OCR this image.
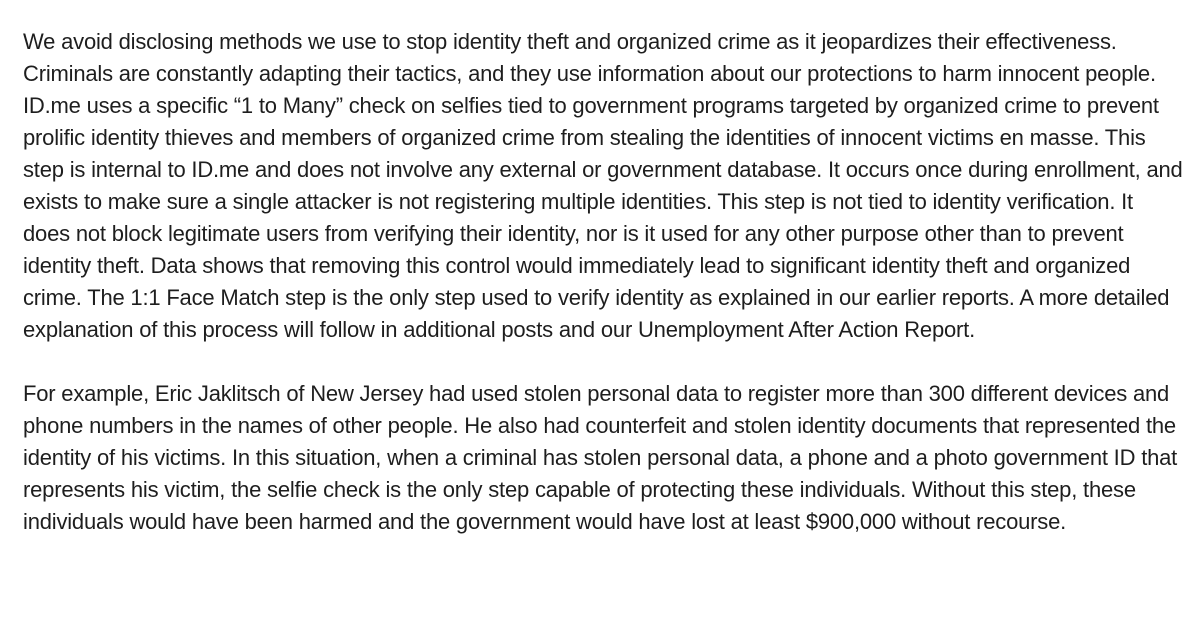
We avoid disclosing methods we use to stop identity theft and organized crime as it jeopardizes their effectiveness. Criminals are constantly adapting their tactics, and they use information about our protections to harm innocent people. ID.me uses a specific “1 to Many” check on selfies tied to government programs targeted by organized crime to prevent prolific identity thieves and members of organized crime from stealing the identities of innocent victims en masse. This step is internal to ID.me and does not involve any external or government database. It occurs once during enrollment, and exists to make sure a single attacker is not registering multiple identities. This step is not tied to identity verification. It does not block legitimate users from verifying their identity, nor is it used for any other purpose other than to prevent identity theft. Data shows that removing this control would immediately lead to significant identity theft and organized crime. The 1:1 Face Match step is the only step used to verify identity as explained in our earlier reports. A more detailed explanation of this process will follow in additional posts and our Unemployment After Action Report.

For example, Eric Jaklitsch of New Jersey had used stolen personal data to register more than 300 different devices and phone numbers in the names of other people. He also had counterfeit and stolen identity documents that represented the identity of his victims. In this situation, when a criminal has stolen personal data, a phone and a photo government ID that represents his victim, the selfie check is the only step capable of protecting these individuals. Without this step, these individuals would have been harmed and the government would have lost at least $900,000 without recourse.
